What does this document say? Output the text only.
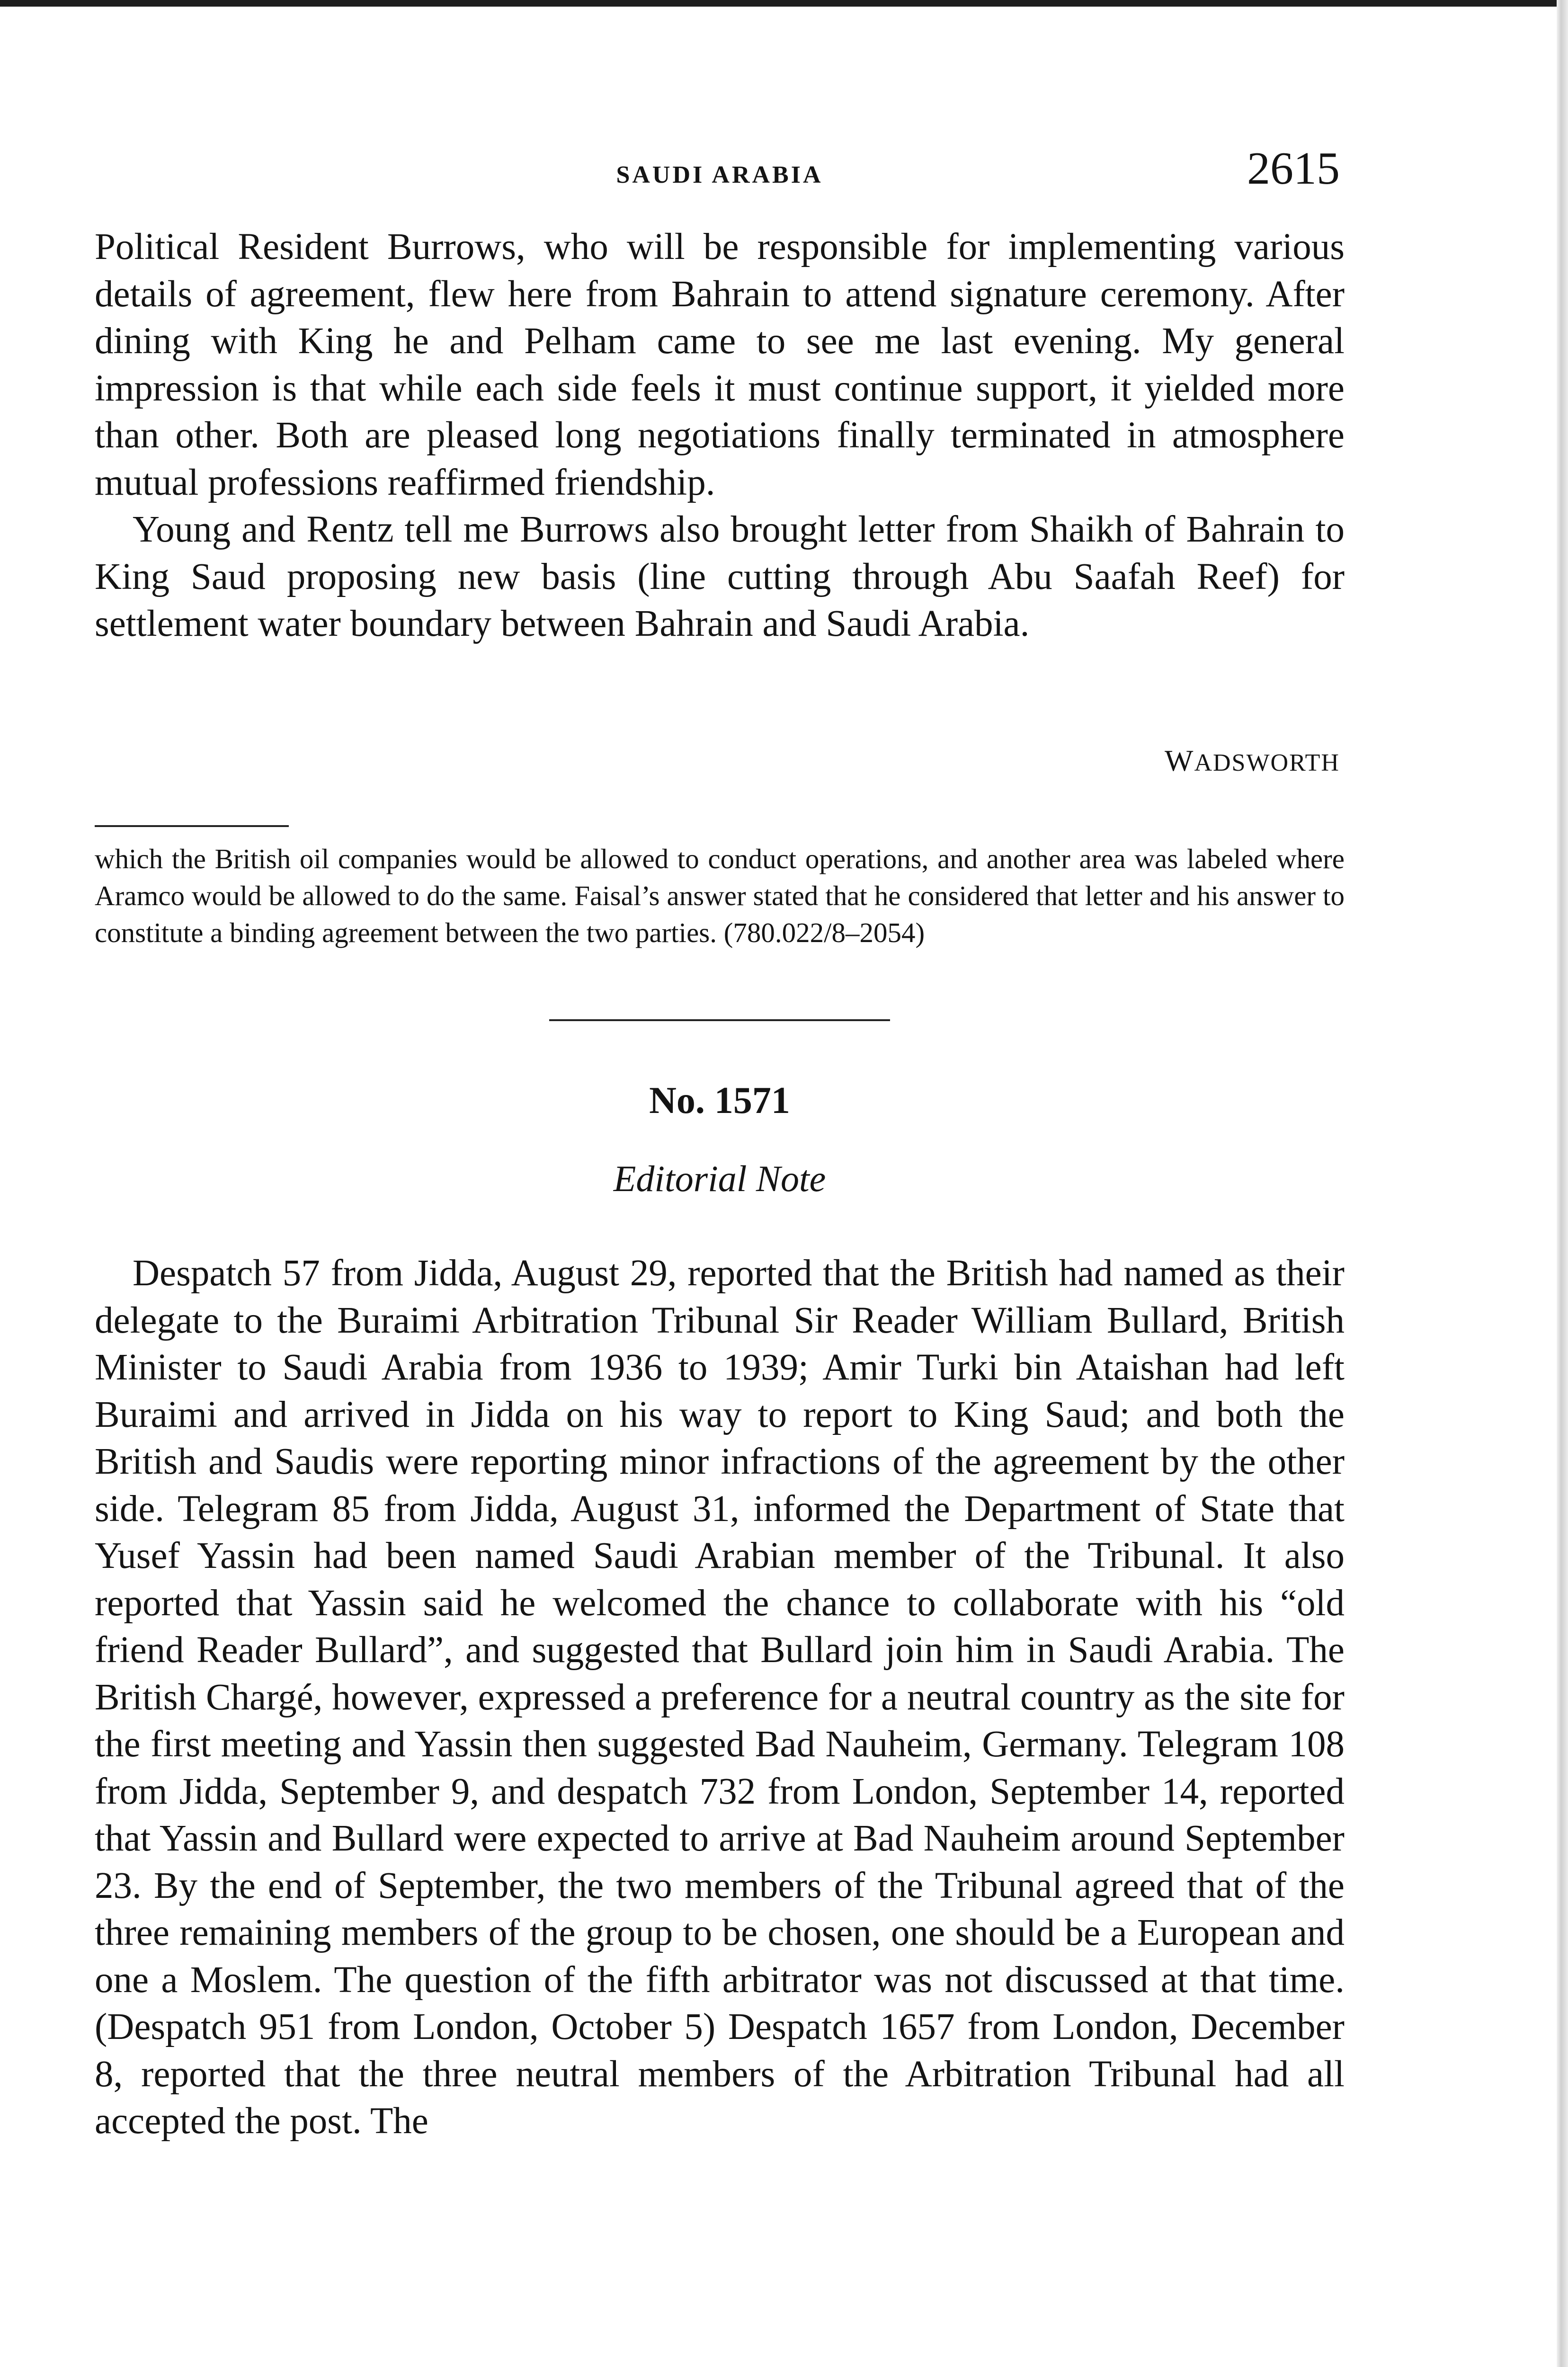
SAUDI ARABIA	2615

Political Resident Burrows, who will be responsible for implementing various details of agreement, flew here from Bahrain to attend signature ceremony. After dining with King he and Pelham came to see me last evening. My general impression is that while each side feels it must continue support, it yielded more than other. Both are pleased long negotiations finally terminated in atmosphere mutual professions reaffirmed friendship.

Young and Rentz tell me Burrows also brought letter from Shaikh of Bahrain to King Saud proposing new basis (line cutting through Abu Saafah Reef) for settlement water boundary between Bahrain and Saudi Arabia.

WADSWORTH
which the British oil companies would be allowed to conduct operations, and another area was labeled where Aramco would be allowed to do the same. Faisal’s answer stated that he considered that letter and his answer to constitute a binding agreement between the two parties. (780.022/8–2054)
No. 1571
Editorial Note

Despatch 57 from Jidda, August 29, reported that the British had named as their delegate to the Buraimi Arbitration Tribunal Sir Reader William Bullard, British Minister to Saudi Arabia from 1936 to 1939; Amir Turki bin Ataishan had left Buraimi and arrived in Jidda on his way to report to King Saud; and both the British and Saudis were reporting minor infractions of the agreement by the other side. Telegram 85 from Jidda, August 31, informed the Department of State that Yusef Yassin had been named Saudi Arabian member of the Tribunal. It also reported that Yassin said he welcomed the chance to collaborate with his “old friend Reader Bullard”, and suggested that Bullard join him in Saudi Arabia. The British Chargé, however, expressed a preference for a neutral country as the site for the first meeting and Yassin then suggested Bad Nauheim, Germany. Telegram 108 from Jidda, September 9, and despatch 732 from London, September 14, reported that Yassin and Bullard were expected to arrive at Bad Nauheim around September 23. By the end of September, the two members of the Tribunal agreed that of the three remaining members of the group to be chosen, one should be a European and one a Moslem. The question of the fifth arbitrator was not discussed at that time. (Despatch 951 from London, October 5) Despatch 1657 from London, December 8, reported that the three neutral members of the Arbitration Tribunal had all accepted the post. The
